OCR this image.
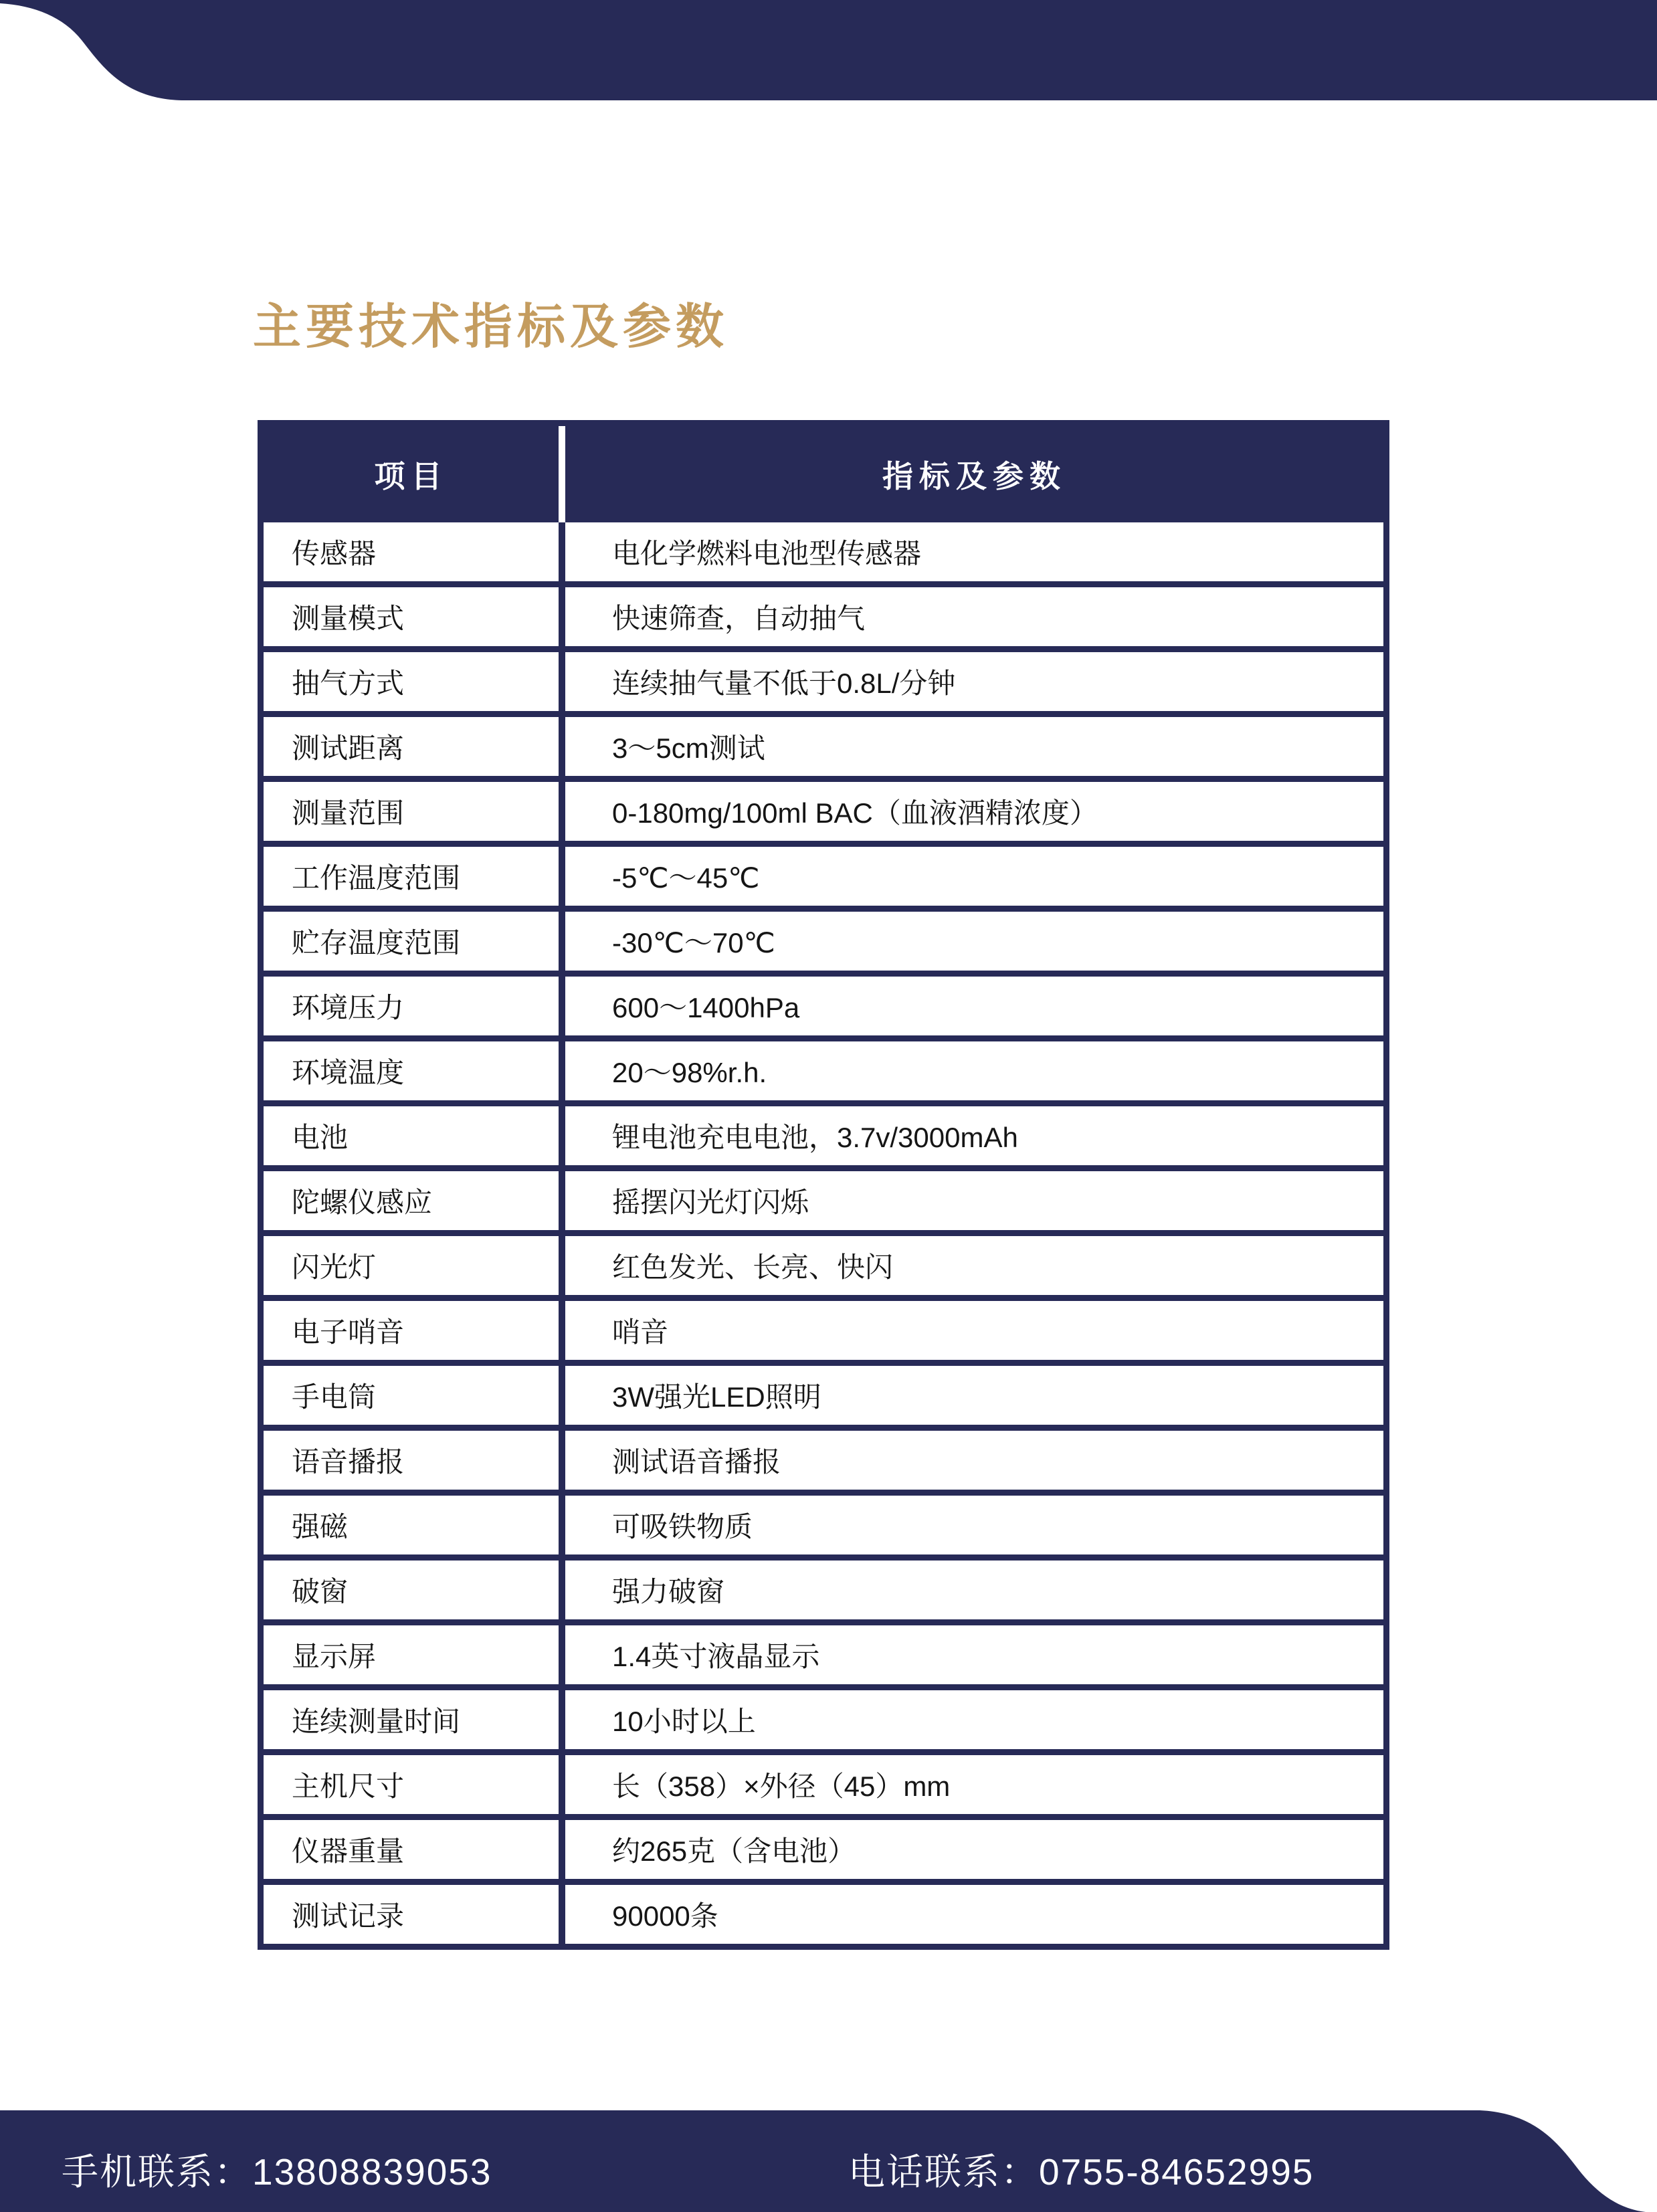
主要技术指标及参数
项目	指标及参数
传感器	电化学燃料电池型传感器
测量模式	快速筛查，自动抽气
抽气方式	连续抽气量不低于0.8L/分钟
测试距离	3～5cm测试
测量范围	0-180mg/100ml BAC（血液酒精浓度）
工作温度范围	-5℃～45℃
贮存温度范围	-30℃～70℃
环境压力	600～1400hPa
环境温度	20～98%r.h.
电池	锂电池充电电池，3.7v/3000mAh
陀螺仪感应	摇摆闪光灯闪烁
闪光灯	红色发光、长亮、快闪
电子哨音	哨音
手电筒	3W强光LED照明
语音播报	测试语音播报
强磁	可吸铁物质
破窗	强力破窗
显示屏	1.4英寸液晶显示
连续测量时间	10小时以上
主机尺寸	长（358）×外径（45）mm
仪器重量	约265克（含电池）
测试记录	90000条
手机联系：13808839053	电话联系：0755-84652995
